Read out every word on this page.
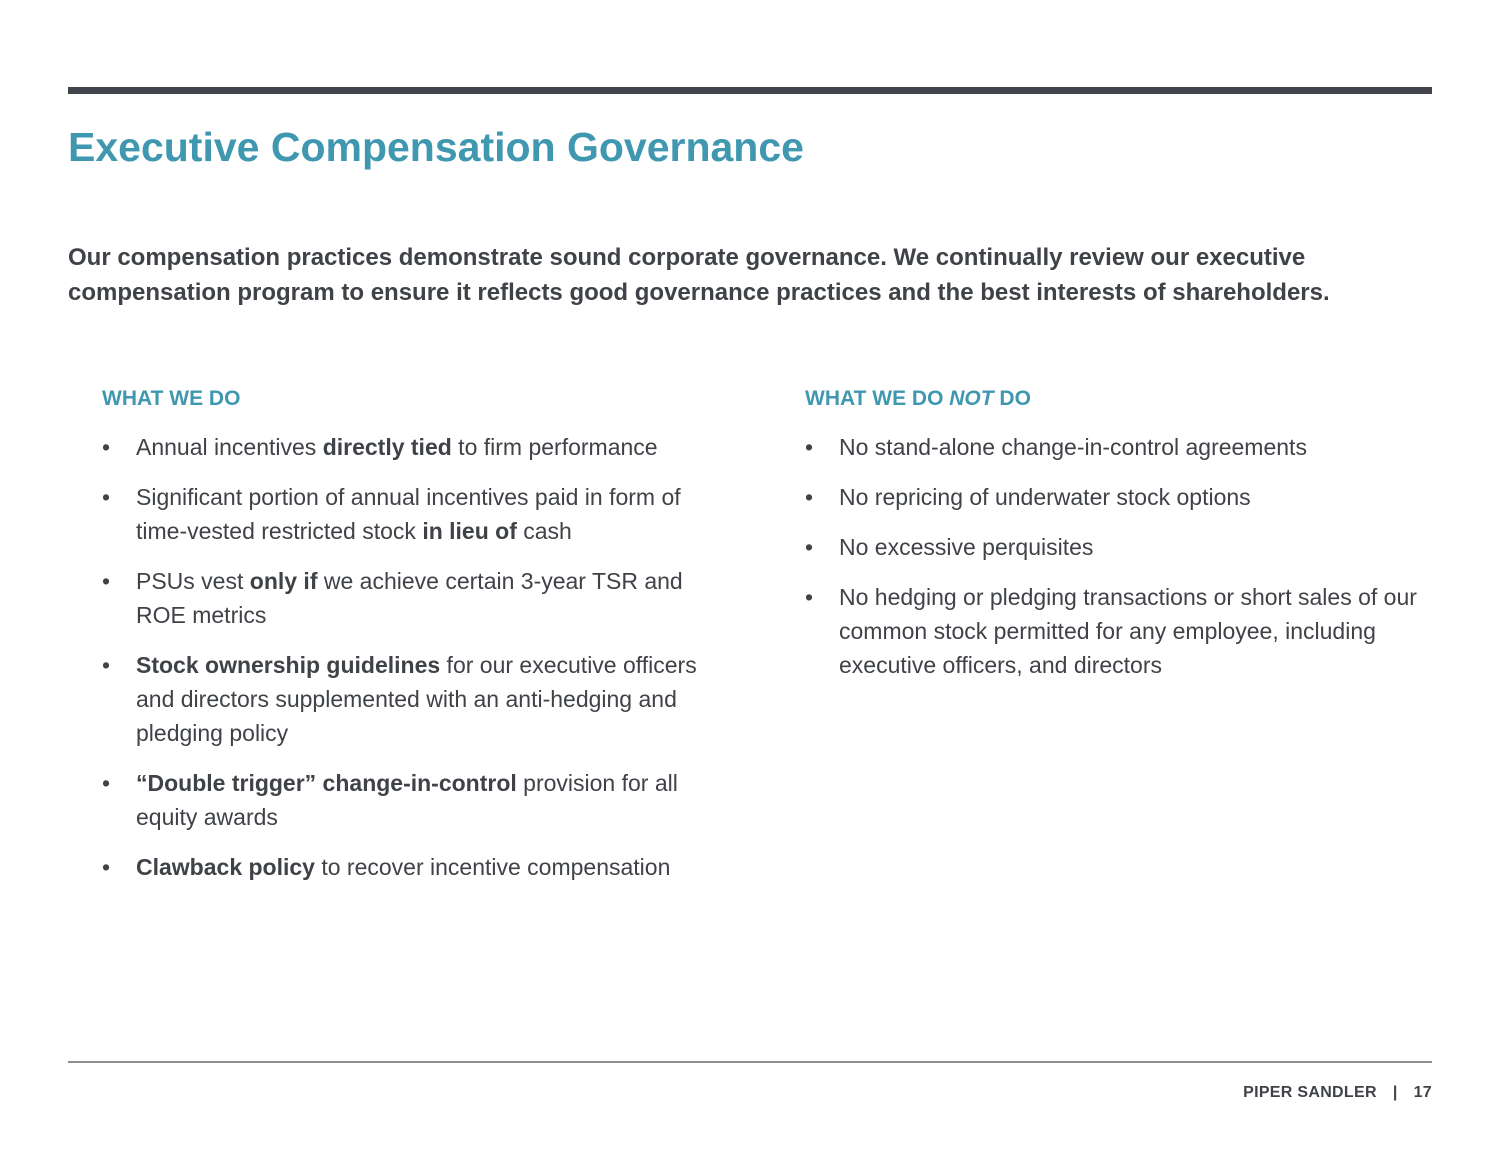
Executive Compensation Governance

Our compensation practices demonstrate sound corporate governance. We continually review our executive compensation program to ensure it reflects good governance practices and the best interests of shareholders.

WHAT WE DO
• Annual incentives directly tied to firm performance
• Significant portion of annual incentives paid in form of time-vested restricted stock in lieu of cash
• PSUs vest only if we achieve certain 3-year TSR and ROE metrics
• Stock ownership guidelines for our executive officers and directors supplemented with an anti-hedging and pledging policy
• “Double trigger” change-in-control provision for all equity awards
• Clawback policy to recover incentive compensation
WHAT WE DO NOT DO
• No stand-alone change-in-control agreements
• No repricing of underwater stock options
• No excessive perquisites
• No hedging or pledging transactions or short sales of our common stock permitted for any employee, including executive officers, and directors
PIPER SANDLER | 17
